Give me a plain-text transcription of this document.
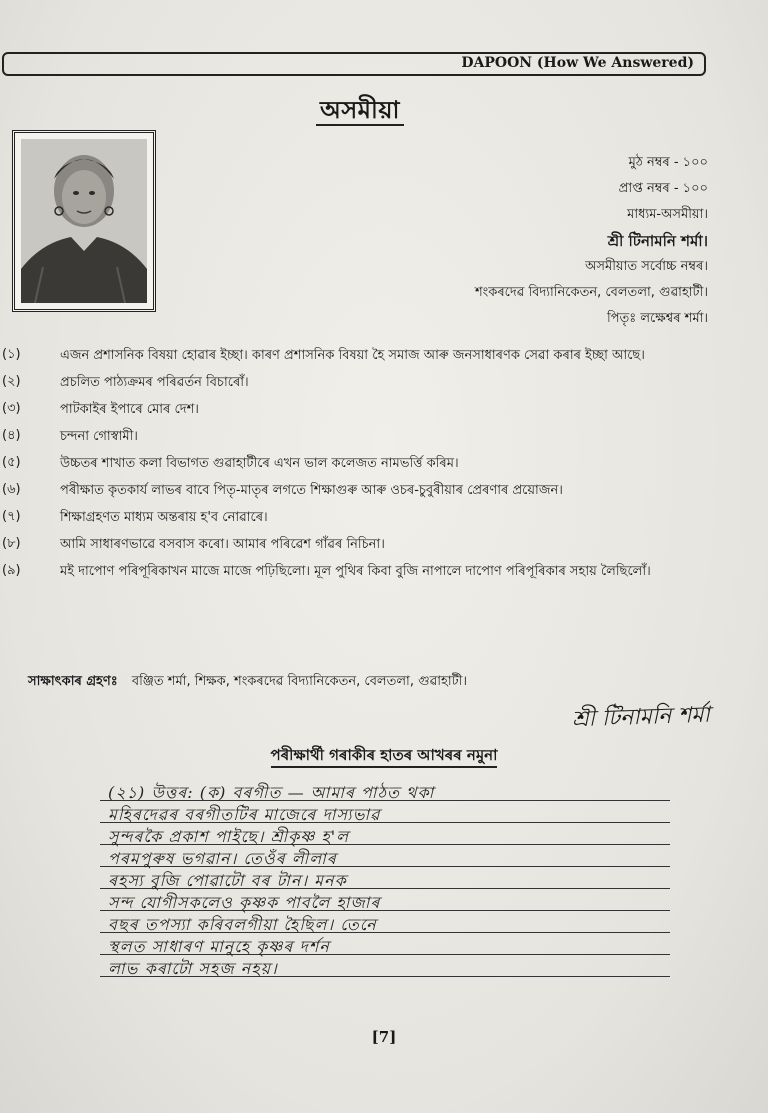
DAPOON (How We Answered)
অসমীয়া
মুঠ নম্বৰ - ১০০
প্ৰাপ্ত নম্বৰ - ১০০
মাধ্যম-অসমীয়া।
শ্ৰী টিনামনি শৰ্মা।
অসমীয়াত সৰ্বোচ্চ নম্বৰ।
শংকৰদেৱ বিদ্যানিকেতন, বেলতলা, গুৱাহাটী।
পিতৃঃ লক্ষেশ্বৰ শৰ্মা।
(১)	এজন প্ৰশাসনিক বিষয়া হোৱাৰ ইচ্ছা। কাৰণ প্ৰশাসনিক বিষয়া হৈ সমাজ আৰু জনসাধাৰণক সেৱা কৰাৰ ইচ্ছা আছে।
(২)	প্ৰচলিত পাঠ্যক্ৰমৰ পৰিৱৰ্তন বিচাৰোঁ।
(৩)	পাটকাইৰ ইপাৰে মোৰ দেশ।
(৪)	চন্দনা গোস্বামী।
(৫)	উচ্চতৰ শাখাত কলা বিভাগত গুৱাহাটীৰে এখন ভাল কলেজত নামভৰ্ত্তি কৰিম।
(৬)	পৰীক্ষাত কৃতকাৰ্য লাভৰ বাবে পিতৃ-মাতৃৰ লগতে শিক্ষাগুৰু আৰু ওচৰ-চুবুৰীয়াৰ প্ৰেৰণাৰ প্ৰয়োজন।
(৭)	শিক্ষাগ্ৰহণত মাধ্যম অন্তৰায় হ'ব নোৱাৰে।
(৮)	আমি সাধাৰণভাৱে বসবাস কৰো। আমাৰ পৰিৱেশ গাঁৱৰ নিচিনা।
(৯)	মই দাপোণ পৰিপূৰিকাখন মাজে মাজে পঢ়িছিলো। মূল পুথিৰ কিবা বুজি নাপালে দাপোণ পৰিপূৰিকাৰ সহায় লৈছিলোঁ।
সাক্ষাৎকাৰ গ্ৰহণঃ বঞ্জিত শৰ্মা, শিক্ষক, শংকৰদেৱ বিদ্যানিকেতন, বেলতলা, গুৱাহাটী।
শ্ৰী টিনামনি শৰ্মা
পৰীক্ষাৰ্থী গৰাকীৰ হাতৰ আখৰৰ নমুনা
(২১) উত্তৰ: (ক) বৰগীত — আমাৰ পাঠত থকা
মহিৰদেৱৰ বৰগীতটিৰ মাজেৰে দাস্যভাৱ
সুন্দৰকৈ প্ৰকাশ পাইছে। শ্ৰীকৃষ্ণ হ'ল
পৰমপুৰুষ ভগৱান। তেওঁৰ লীলাৰ
ৰহস্য বুজি পোৱাটো বৰ টান। মনক
সন্দ যোগীসকলেও কৃষ্ণক পাবলৈ হাজাৰ
বছৰ তপস্যা কৰিবলগীয়া হৈছিল। তেনে
স্থলত সাধাৰণ মানুহে কৃষ্ণৰ দৰ্শন
লাভ কৰাটো সহজ নহয়।
[7]
